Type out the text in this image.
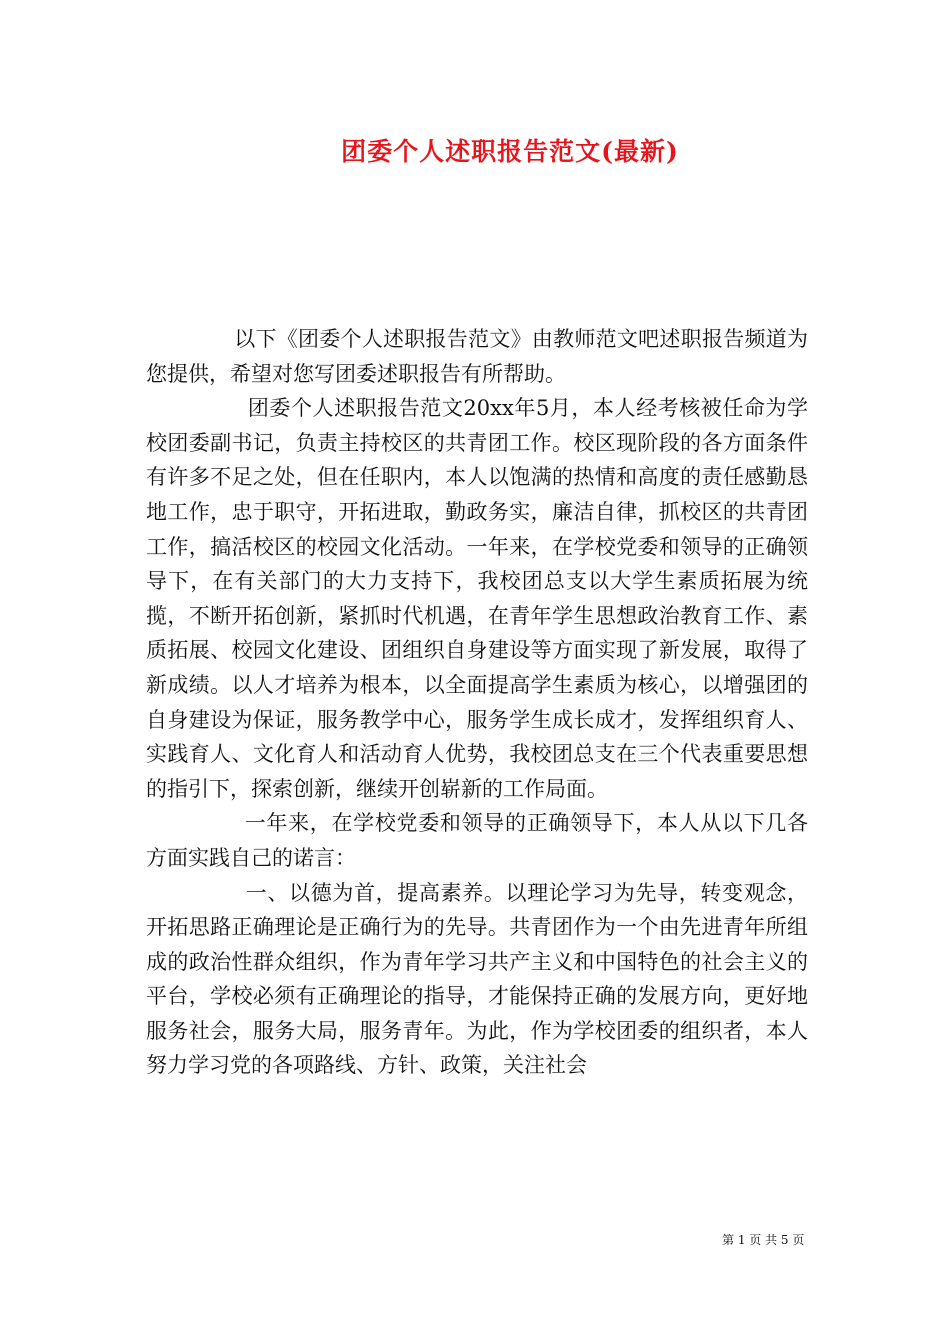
团委个人述职报告范文(最新)

以下《团委个人述职报告范文》由教师范文吧述职报告频道为您提供，希望对您写团委述职报告有所帮助。

团委个人述职报告范文20xx年5月，本人经考核被任命为学校团委副书记，负责主持校区的共青团工作。校区现阶段的各方面条件有许多不足之处，但在任职内，本人以饱满的热情和高度的责任感勤恳地工作，忠于职守，开拓进取，勤政务实，廉洁自律，抓校区的共青团工作，搞活校区的校园文化活动。一年来，在学校党委和领导的正确领导下，在有关部门的大力支持下，我校团总支以大学生素质拓展为统揽，不断开拓创新，紧抓时代机遇，在青年学生思想政治教育工作、素质拓展、校园文化建设、团组织自身建设等方面实现了新发展，取得了新成绩。以人才培养为根本，以全面提高学生素质为核心，以增强团的自身建设为保证，服务教学中心，服务学生成长成才，发挥组织育人、实践育人、文化育人和活动育人优势，我校团总支在三个代表重要思想的指引下，探索创新，继续开创崭新的工作局面。

一年来，在学校党委和领导的正确领导下，本人从以下几各方面实践自己的诺言：

一、以德为首，提高素养。以理论学习为先导，转变观念，开拓思路正确理论是正确行为的先导。共青团作为一个由先进青年所组成的政治性群众组织，作为青年学习共产主义和中国特色的社会主义的平台，学校必须有正确理论的指导，才能保持正确的发展方向，更好地服务社会，服务大局，服务青年。为此，作为学校团委的组织者，本人努力学习党的各项路线、方针、政策，关注社会

第 1 页 共 5 页
